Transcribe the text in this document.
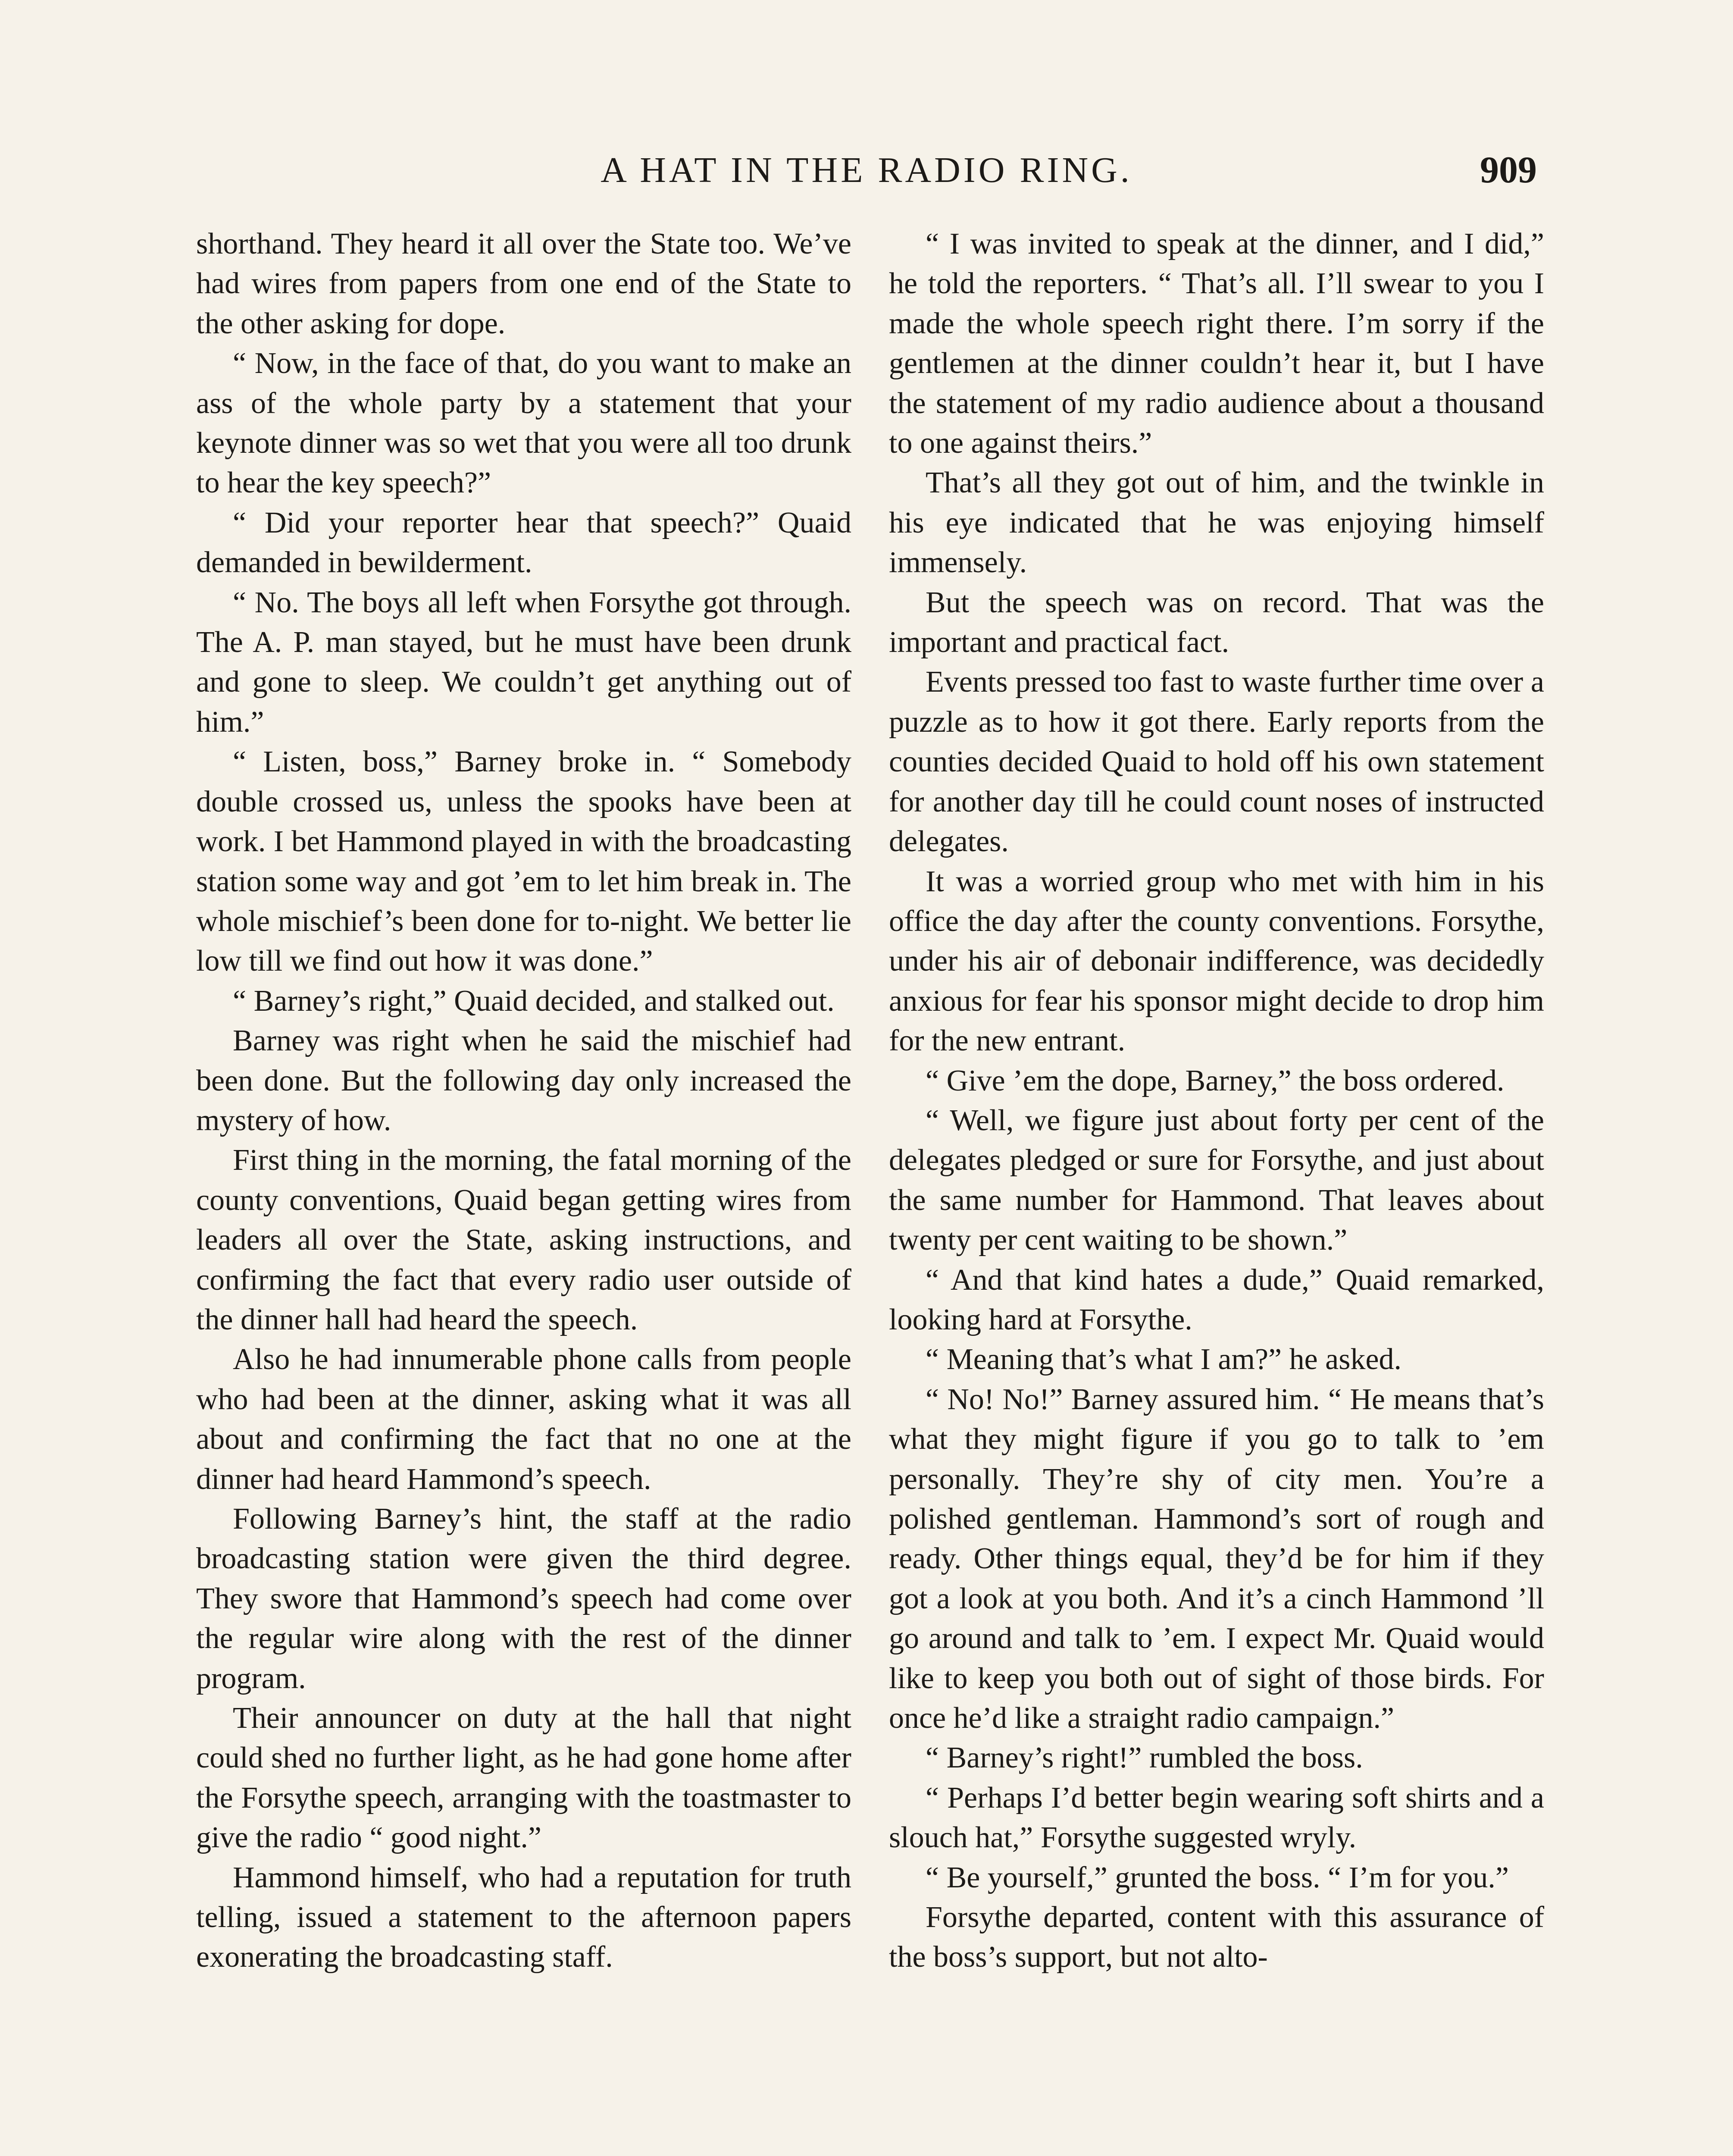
A HAT IN THE RADIO RING.	909

shorthand. They heard it all over the State too. We’ve had wires from papers from one end of the State to the other asking for dope.

“ Now, in the face of that, do you want to make an ass of the whole party by a statement that your keynote dinner was so wet that you were all too drunk to hear the key speech?”

“ Did your reporter hear that speech?” Quaid demanded in bewilderment.

“ No. The boys all left when Forsythe got through. The A. P. man stayed, but he must have been drunk and gone to sleep. We couldn’t get anything out of him.”

“ Listen, boss,” Barney broke in. “ Somebody double crossed us, unless the spooks have been at work. I bet Hammond played in with the broadcasting station some way and got ’em to let him break in. The whole mischief’s been done for to-night. We better lie low till we find out how it was done.”

“ Barney’s right,” Quaid decided, and stalked out.

Barney was right when he said the mischief had been done. But the following day only increased the mystery of how.

First thing in the morning, the fatal morning of the county conventions, Quaid began getting wires from leaders all over the State, asking instructions, and confirming the fact that every radio user outside of the dinner hall had heard the speech.

Also he had innumerable phone calls from people who had been at the dinner, asking what it was all about and confirming the fact that no one at the dinner had heard Hammond’s speech.

Following Barney’s hint, the staff at the radio broadcasting station were given the third degree. They swore that Hammond’s speech had come over the regular wire along with the rest of the dinner program.

Their announcer on duty at the hall that night could shed no further light, as he had gone home after the Forsythe speech, arranging with the toastmaster to give the radio “ good night.”

Hammond himself, who had a reputation for truth telling, issued a statement to the afternoon papers exonerating the broadcasting staff.

“ I was invited to speak at the dinner, and I did,” he told the reporters. “ That’s all. I’ll swear to you I made the whole speech right there. I’m sorry if the gentlemen at the dinner couldn’t hear it, but I have the statement of my radio audience about a thousand to one against theirs.”

That’s all they got out of him, and the twinkle in his eye indicated that he was enjoying himself immensely.

But the speech was on record. That was the important and practical fact.

Events pressed too fast to waste further time over a puzzle as to how it got there. Early reports from the counties decided Quaid to hold off his own statement for another day till he could count noses of instructed delegates.

It was a worried group who met with him in his office the day after the county conventions. Forsythe, under his air of debonair indifference, was decidedly anxious for fear his sponsor might decide to drop him for the new entrant.

“ Give ’em the dope, Barney,” the boss ordered.

“ Well, we figure just about forty per cent of the delegates pledged or sure for Forsythe, and just about the same number for Hammond. That leaves about twenty per cent waiting to be shown.”

“ And that kind hates a dude,” Quaid remarked, looking hard at Forsythe.

“ Meaning that’s what I am?” he asked.

“ No! No!” Barney assured him. “ He means that’s what they might figure if you go to talk to ’em personally. They’re shy of city men. You’re a polished gentleman. Hammond’s sort of rough and ready. Other things equal, they’d be for him if they got a look at you both. And it’s a cinch Hammond ’ll go around and talk to ’em. I expect Mr. Quaid would like to keep you both out of sight of those birds. For once he’d like a straight radio campaign.”

“ Barney’s right!” rumbled the boss.

“ Perhaps I’d better begin wearing soft shirts and a slouch hat,” Forsythe suggested wryly.

“ Be yourself,” grunted the boss. “ I’m for you.”

Forsythe departed, content with this assurance of the boss’s support, but not alto-
